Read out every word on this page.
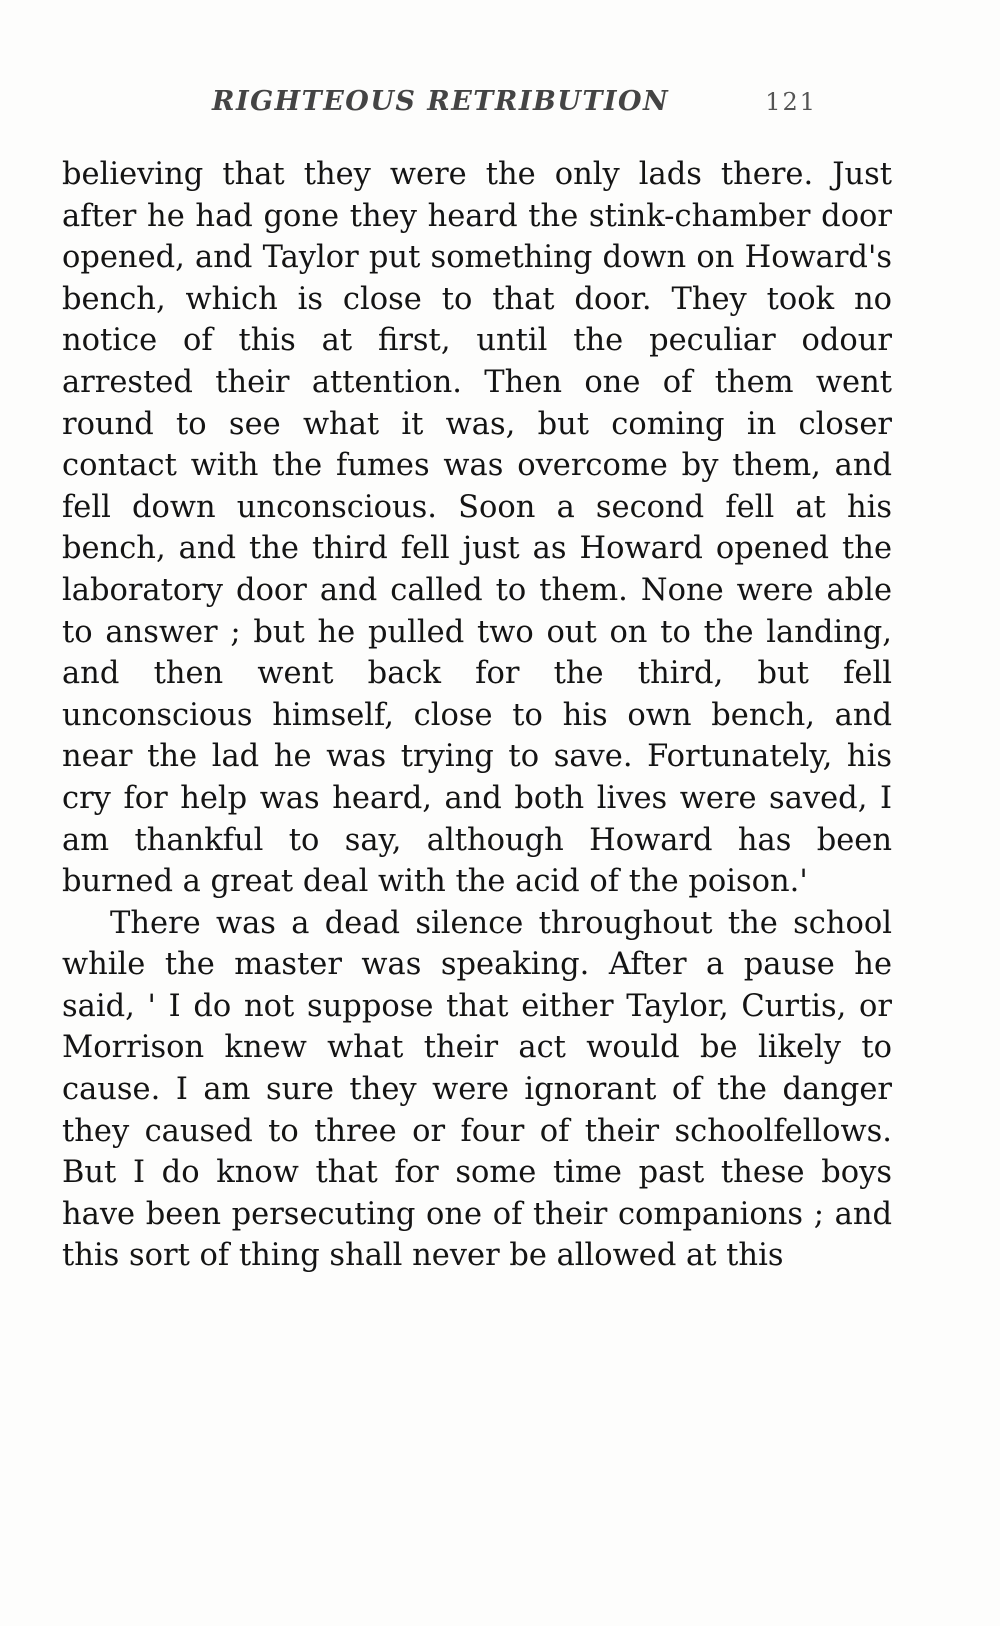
RIGHTEOUS RETRIBUTION	121

believing that they were the only lads there. Just after he had gone they heard the stink-chamber door opened, and Taylor put something down on Howard's bench, which is close to that door. They took no notice of this at first, until the peculiar odour arrested their attention. Then one of them went round to see what it was, but coming in closer contact with the fumes was overcome by them, and fell down unconscious. Soon a second fell at his bench, and the third fell just as Howard opened the laboratory door and called to them. None were able to answer ; but he pulled two out on to the landing, and then went back for the third, but fell unconscious himself, close to his own bench, and near the lad he was trying to save. Fortunately, his cry for help was heard, and both lives were saved, I am thankful to say, although Howard has been burned a great deal with the acid of the poison.'

There was a dead silence throughout the school while the master was speaking. After a pause he said, ' I do not suppose that either Taylor, Curtis, or Morrison knew what their act would be likely to cause. I am sure they were ignorant of the danger they caused to three or four of their schoolfellows. But I do know that for some time past these boys have been persecuting one of their companions ; and this sort of thing shall never be allowed at this
